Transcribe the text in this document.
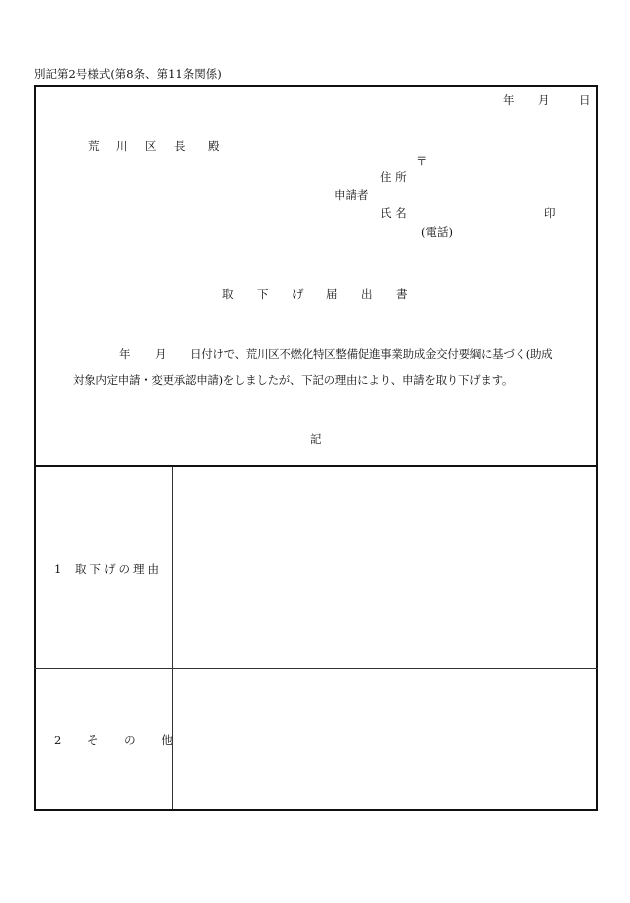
別記第2号様式(第8条、第11条関係)
年 月	日
荒 川 区 長 殿
〒
住 所
申請者
氏 名	印
(電話)
取 下 げ 届 出 書
年 月 日付けで、荒川区不燃化特区整備促進事業助成金交付要綱に基づく(助成
対象内定申請・変更承認申請)をしましたが、下記の理由により、申請を取り下げます。
記
1 取下げの理由
2 そ の 他
